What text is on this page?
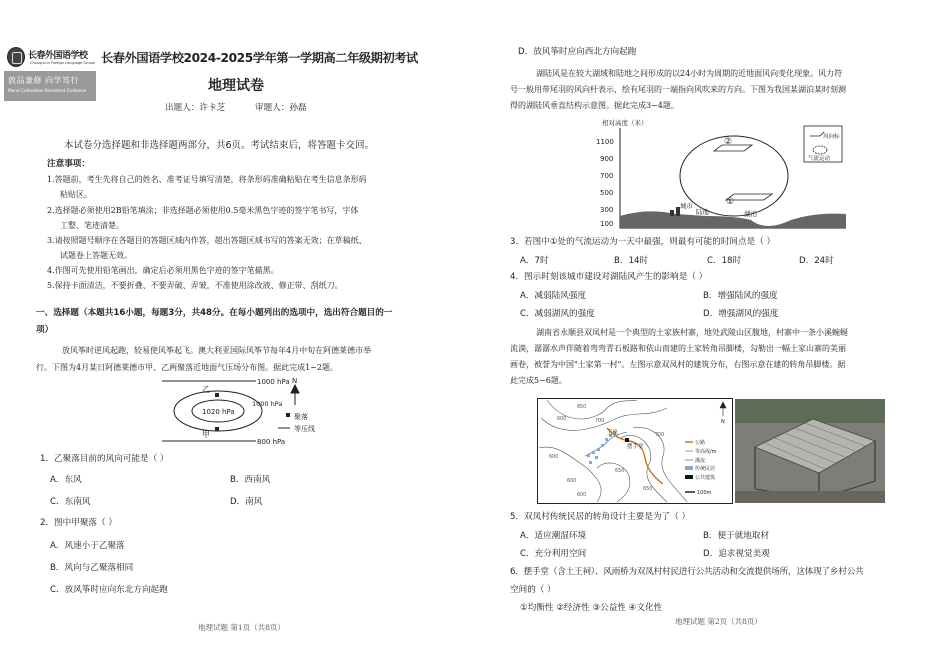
长春外国语学校
Changchun Foreign Language School
敦品兼修 向学笃行
Moral Cultivation Persistent Endeavor
长春外国语学校2024-2025学年第一学期高二年级期初考试
地理试卷
出题人：许卡芝	审题人：孙磊
本试卷分选择题和非选择题两部分，共6页。考试结束后，将答题卡交回。
注意事项：
1.答题前，考生先将自己的姓名、准考证号填写清楚，将条形码准确粘贴在考生信息条形码
粘贴区。
2.选择题必须使用2B铅笔填涂；非选择题必须使用0.5毫米黑色字迹的签字笔书写，字体
工整、笔迹清楚。
3.请按照题号顺序在各题目的答题区域内作答，超出答题区域书写的答案无效；在草稿纸、
试题卷上答题无效。
4.作图可先使用铅笔画出，确定后必须用黑色字迹的签字笔描黑。
5.保持卡面清洁，不要折叠、不要弄破、弄皱，不准使用涂改液、修正带、刮纸刀。
一、选择题（本题共16小题，每题3分，共48分。在每小题列出的选项中，选出符合题目的一
项）
放风筝时逆风起跑，较易使风筝起飞。澳大利亚国际风筝节每年4月中旬在阿德莱德市举
行。下图为4月某日阿德莱德市甲、乙两聚落近地面气压场分布图。据此完成1~2题。
1000 hPa
800 hPa
1000 hPa
1020 hPa
乙
甲
N
聚落
等压线
1．乙聚落目前的风向可能是（ ）
A．东风	B．西南风
C．东南风	D．南风
2．图中甲聚落（ ）
A．风速小于乙聚落
B．风向与乙聚落相同
C．放风筝时应向东北方向起跑
地理试题 第1页（共8页）
D．放风筝时应向西北方向起跑
湖陆风是在较大湖域和陆地之间形成的以24小时为周期的近地面风向变化现象。风力符
号一般用带尾羽的风向杆表示，绘有尾羽的一端指向风吹来的方向。下图为我国某湖泊某时刻测
得的湖陆风垂直结构示意图。据此完成3~4题。
相对高度（米）
1100
900
700
500
300
100
②
①
城市
陆地	湖泊
风向标
气流运动
3．若图中①处的气流运动为一天中最强，则最有可能的时间点是（ ）
A．7时	B．14时	C．18时	D．24时
4．图示时刻该城市建设对湖陆风产生的影响是（ ）
A．减弱陆风强度	B．增强陆风的强度
C．减弱湖风的强度	D．增强湖风的强度
湖南省永顺县双凤村是一个典型的土家族村寨，地处武陵山区腹地，村寨中一条小溪蜿蜒
流淌，潺潺水声伴随着弯弯青石板路和依山而建的土家转角吊脚楼，勾勒出一幅土家山寨的美丽
画卷，被誉为中国"土家第一村"。左图示意双凤村的建筑分布，右图示意在建的转角吊脚楼。据
此完成5~6题。
玉皇
摆手堂
850
600	700
650
700
600
650
600
600
N
公路
等高线/m
溪流
传统民居
公共建筑
100m
5．双凤村传统民居的转角设计主要是为了（ ）
A．适应潮湿环境	B．便于就地取材
C．充分利用空间	D．追求视觉美观
6．摆手堂（含土王祠）、风雨桥为双凤村村民进行公共活动和交流提供场所，这体现了乡村公共
空间的（ ）
①均衡性 ②经济性 ③公益性 ④文化性
地理试题 第2页（共8页）
